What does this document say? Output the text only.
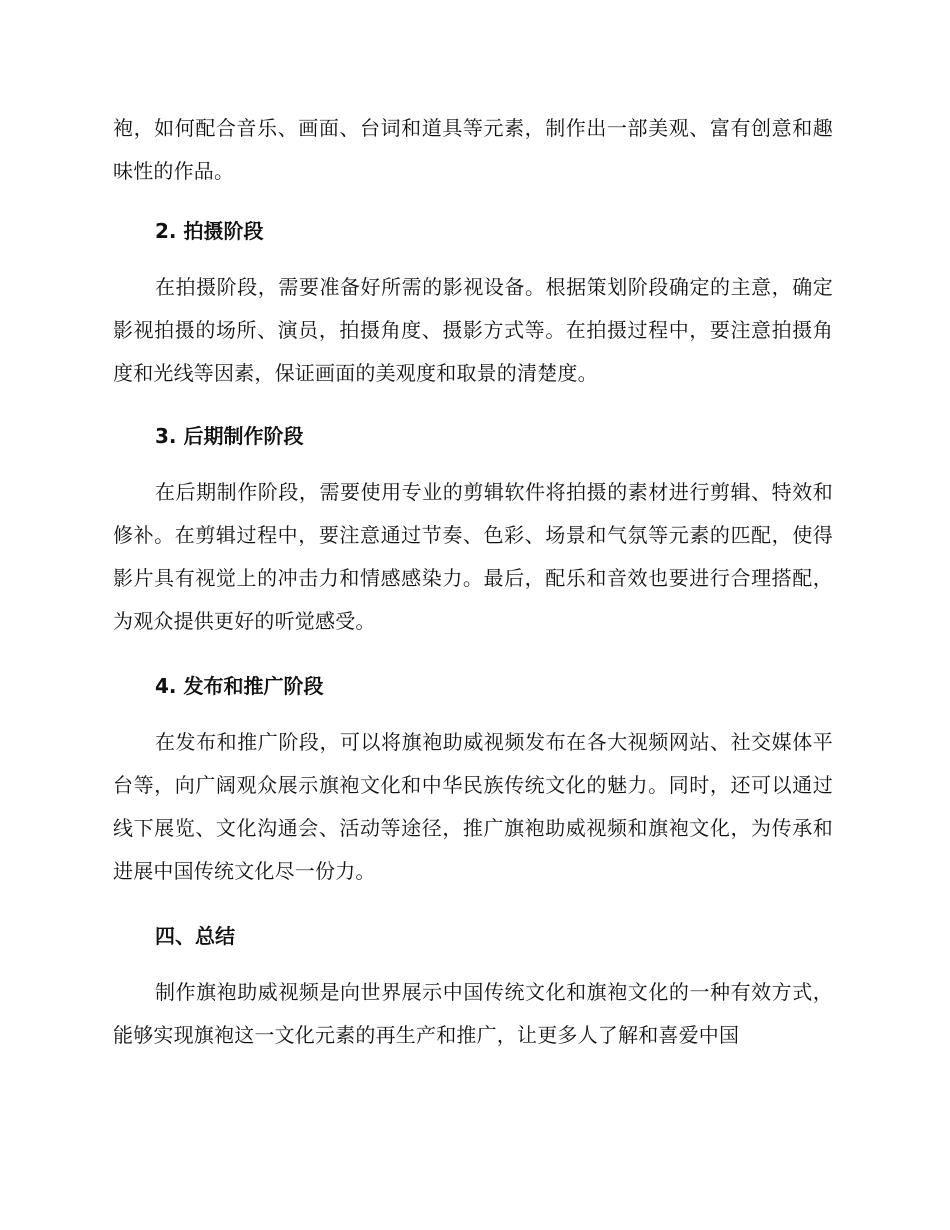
袍，如何配合音乐、画面、台词和道具等元素，制作出一部美观、富有创意和趣味性的作品。

2. 拍摄阶段

在拍摄阶段，需要准备好所需的影视设备。根据策划阶段确定的主意，确定影视拍摄的场所、演员，拍摄角度、摄影方式等。在拍摄过程中，要注意拍摄角度和光线等因素，保证画面的美观度和取景的清楚度。

3. 后期制作阶段

在后期制作阶段，需要使用专业的剪辑软件将拍摄的素材进行剪辑、特效和修补。在剪辑过程中，要注意通过节奏、色彩、场景和气氛等元素的匹配，使得影片具有视觉上的冲击力和情感感染力。最后，配乐和音效也要进行合理搭配，为观众提供更好的听觉感受。

4. 发布和推广阶段

在发布和推广阶段，可以将旗袍助威视频发布在各大视频网站、社交媒体平台等，向广阔观众展示旗袍文化和中华民族传统文化的魅力。同时，还可以通过线下展览、文化沟通会、活动等途径，推广旗袍助威视频和旗袍文化，为传承和进展中国传统文化尽一份力。

四、总结

制作旗袍助威视频是向世界展示中国传统文化和旗袍文化的一种有效方式，能够实现旗袍这一文化元素的再生产和推广，让更多人了解和喜爱中国
